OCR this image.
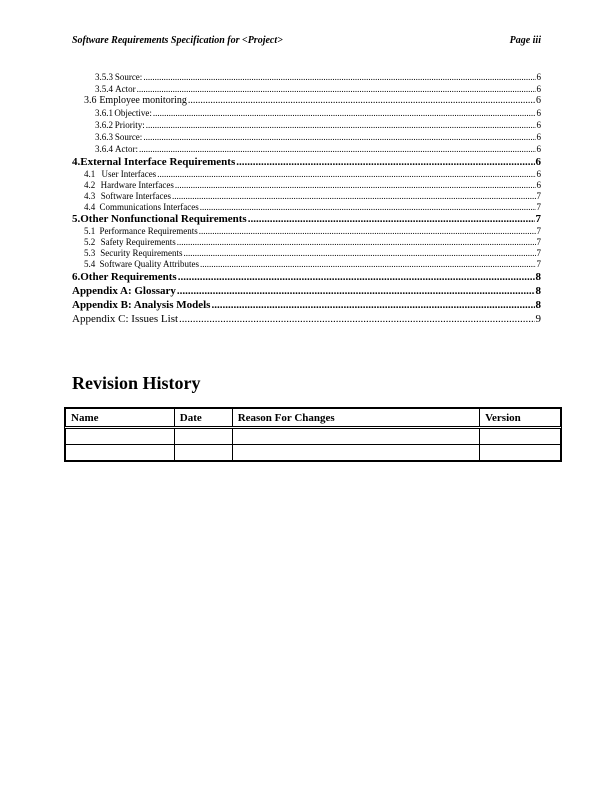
Software Requirements Specification for <Project>	Page iii
3.5.3 Source: .....	6
3.5.4 Actor .....	6
3.6 Employee monitoring .....	6
3.6.1 Objective: .....	6
3.6.2 Priority: .....	6
3.6.3 Source: .....	6
3.6.4 Actor: .....	6
4. External Interface Requirements .....	6
4.1 User Interfaces .....	6
4.2 Hardware Interfaces .....	6
4.3 Software Interfaces .....	7
4.4 Communications Interfaces .....	7
5. Other Nonfunctional Requirements .....	7
5.1 Performance Requirements .....	7
5.2 Safety Requirements .....	7
5.3 Security Requirements .....	7
5.4 Software Quality Attributes .....	7
6. Other Requirements .....	8
Appendix A: Glossary .....	8
Appendix B: Analysis Models .....	8
Appendix C: Issues List .....	9
Revision History
Name	Date	Reason For Changes	Version
